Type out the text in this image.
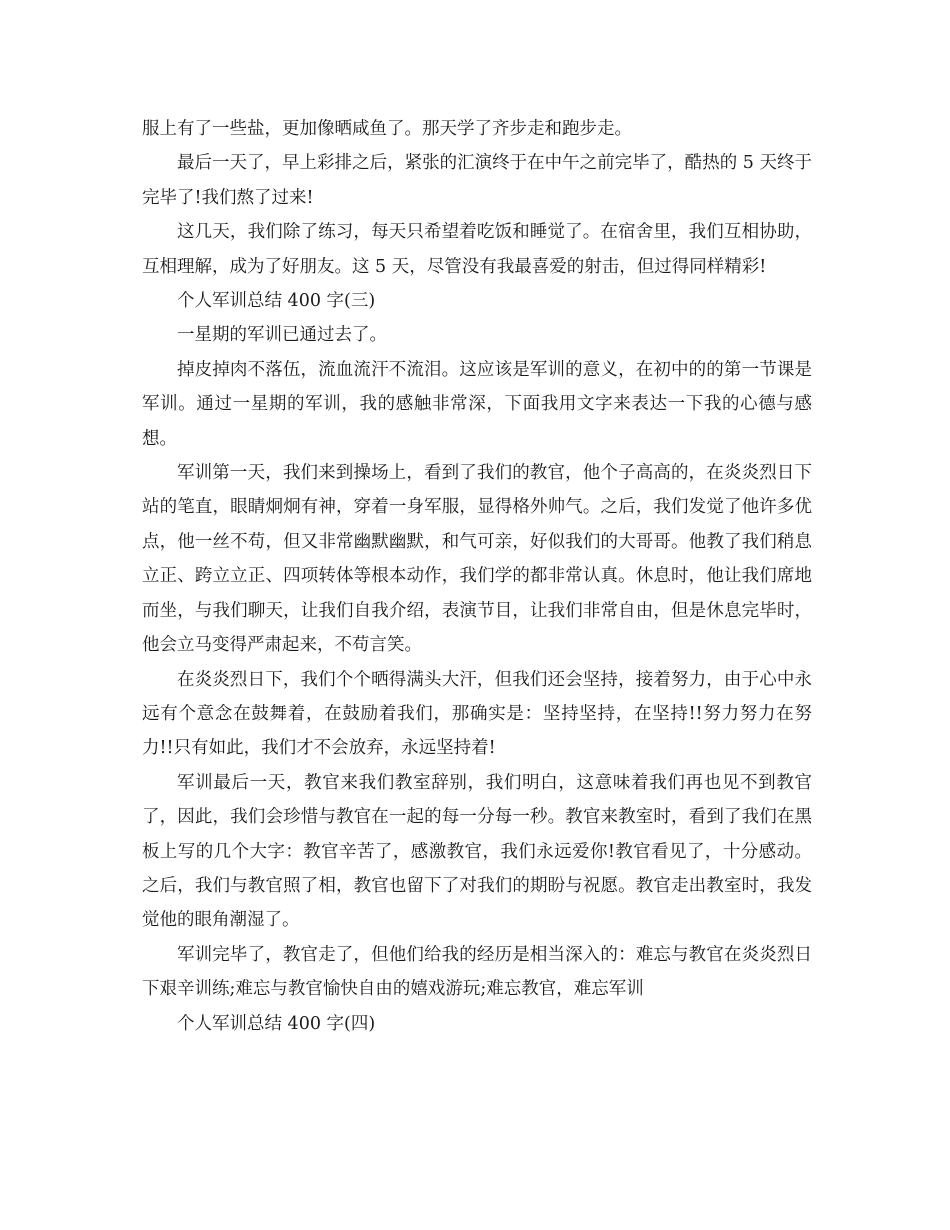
服上有了一些盐，更加像晒咸鱼了。那天学了齐步走和跑步走。

最后一天了，早上彩排之后，紧张的汇演终于在中午之前完毕了，酷热的 5 天终于完毕了!我们熬了过来!

这几天，我们除了练习，每天只希望着吃饭和睡觉了。在宿舍里，我们互相协助，互相理解，成为了好朋友。这 5 天，尽管没有我最喜爱的射击，但过得同样精彩!

个人军训总结 400 字(三)

一星期的军训已通过去了。

掉皮掉肉不落伍，流血流汗不流泪。这应该是军训的意义，在初中的的第一节课是军训。通过一星期的军训，我的感触非常深，下面我用文字来表达一下我的心德与感想。

军训第一天，我们来到操场上，看到了我们的教官，他个子高高的，在炎炎烈日下站的笔直，眼睛炯炯有神，穿着一身军服，显得格外帅气。之后，我们发觉了他许多优点，他一丝不苟，但又非常幽默幽默，和气可亲，好似我们的大哥哥。他教了我们稍息立正、跨立立正、四项转体等根本动作，我们学的都非常认真。休息时，他让我们席地而坐，与我们聊天，让我们自我介绍，表演节目，让我们非常自由，但是休息完毕时，他会立马变得严肃起来，不苟言笑。

在炎炎烈日下，我们个个晒得满头大汗，但我们还会坚持，接着努力，由于心中永远有个意念在鼓舞着，在鼓励着我们，那确实是：坚持坚持，在坚持!!努力努力在努力!!只有如此，我们才不会放弃，永远坚持着!

军训最后一天，教官来我们教室辞别，我们明白，这意味着我们再也见不到教官了，因此，我们会珍惜与教官在一起的每一分每一秒。教官来教室时，看到了我们在黑板上写的几个大字：教官辛苦了，感激教官，我们永远爱你!教官看见了，十分感动。之后，我们与教官照了相，教官也留下了对我们的期盼与祝愿。教官走出教室时，我发觉他的眼角潮湿了。

军训完毕了，教官走了，但他们给我的经历是相当深入的：难忘与教官在炎炎烈日下艰辛训练;难忘与教官愉快自由的嬉戏游玩;难忘教官，难忘军训

个人军训总结 400 字(四)
